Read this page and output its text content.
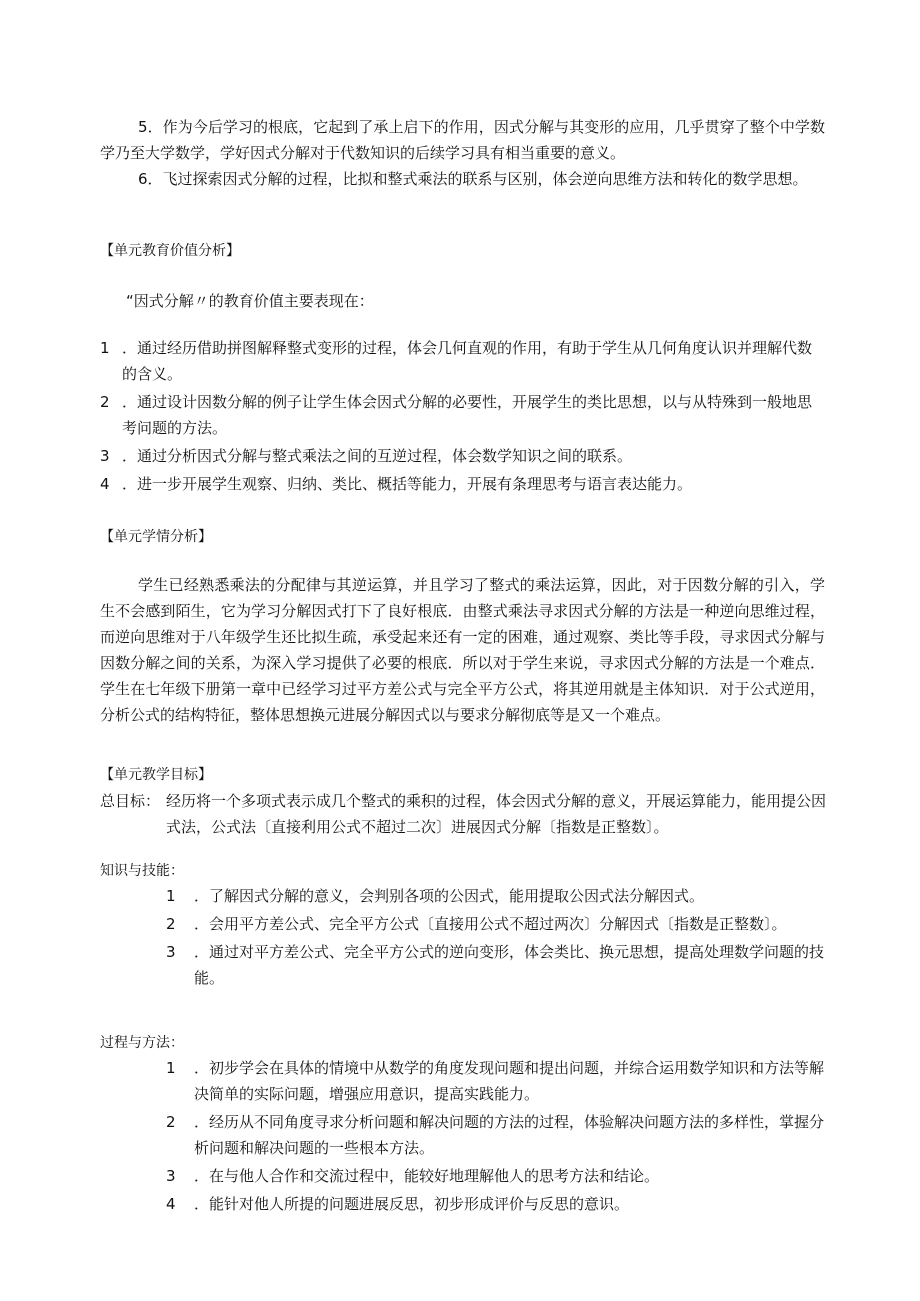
5．作为今后学习的根底，它起到了承上启下的作用，因式分解与其变形的应用，几乎贯穿了整个中学数学乃至大学数学，学好因式分解对于代数知识的后续学习具有相当重要的意义。

6．飞过探索因式分解的过程，比拟和整式乘法的联系与区别，体会逆向思维方法和转化的数学思想。

【单元教育价值分析】

“因式分解〃的教育价值主要表现在：

1 ．通过经历借助拼图解释整式变形的过程，体会几何直观的作用，有助于学生从几何角度认识并理解代数的含义。
2 ．通过设计因数分解的例子让学生体会因式分解的必要性，开展学生的类比思想，以与从特殊到一般地思考问题的方法。
3 ．通过分析因式分解与整式乘法之间的互逆过程，体会数学知识之间的联系。
4 ．进一步开展学生观察、归纳、类比、概括等能力，开展有条理思考与语言表达能力。

【单元学情分析】

学生已经熟悉乘法的分配律与其逆运算，并且学习了整式的乘法运算，因此，对于因数分解的引入，学生不会感到陌生，它为学习分解因式打下了良好根底．由整式乘法寻求因式分解的方法是一种逆向思维过程，而逆向思维对于八年级学生还比拟生疏，承受起来还有一定的困难，通过观察、类比等手段，寻求因式分解与因数分解之间的关系，为深入学习提供了必要的根底．所以对于学生来说，寻求因式分解的方法是一个难点．学生在七年级下册第一章中已经学习过平方差公式与完全平方公式，将其逆用就是主体知识．对于公式逆用，分析公式的结构特征，整体思想换元进展分解因式以与要求分解彻底等是又一个难点。

【单元教学目标】

总目标： 经历将一个多项式表示成几个整式的乘积的过程，体会因式分解的意义，开展运算能力，能用提公因式法，公式法〔直接利用公式不超过二次〕进展因式分解〔指数是正整数〕。

知识与技能：

1 ．了解因式分解的意义，会判别各项的公因式，能用提取公因式法分解因式。
2 ．会用平方差公式、完全平方公式〔直接用公式不超过两次〕分解因式〔指数是正整数〕。
3 ．通过对平方差公式、完全平方公式的逆向变形，体会类比、换元思想，提高处理数学问题的技能。

过程与方法：

1 ．初步学会在具体的情境中从数学的角度发现问题和提出问题，并综合运用数学知识和方法等解决简单的实际问题，增强应用意识，提高实践能力。
2 ．经历从不同角度寻求分析问题和解决问题的方法的过程，体验解决问题方法的多样性，掌握分析问题和解决问题的一些根本方法。
3 ．在与他人合作和交流过程中，能较好地理解他人的思考方法和结论。
4 ．能针对他人所提的问题进展反思，初步形成评价与反思的意识。
